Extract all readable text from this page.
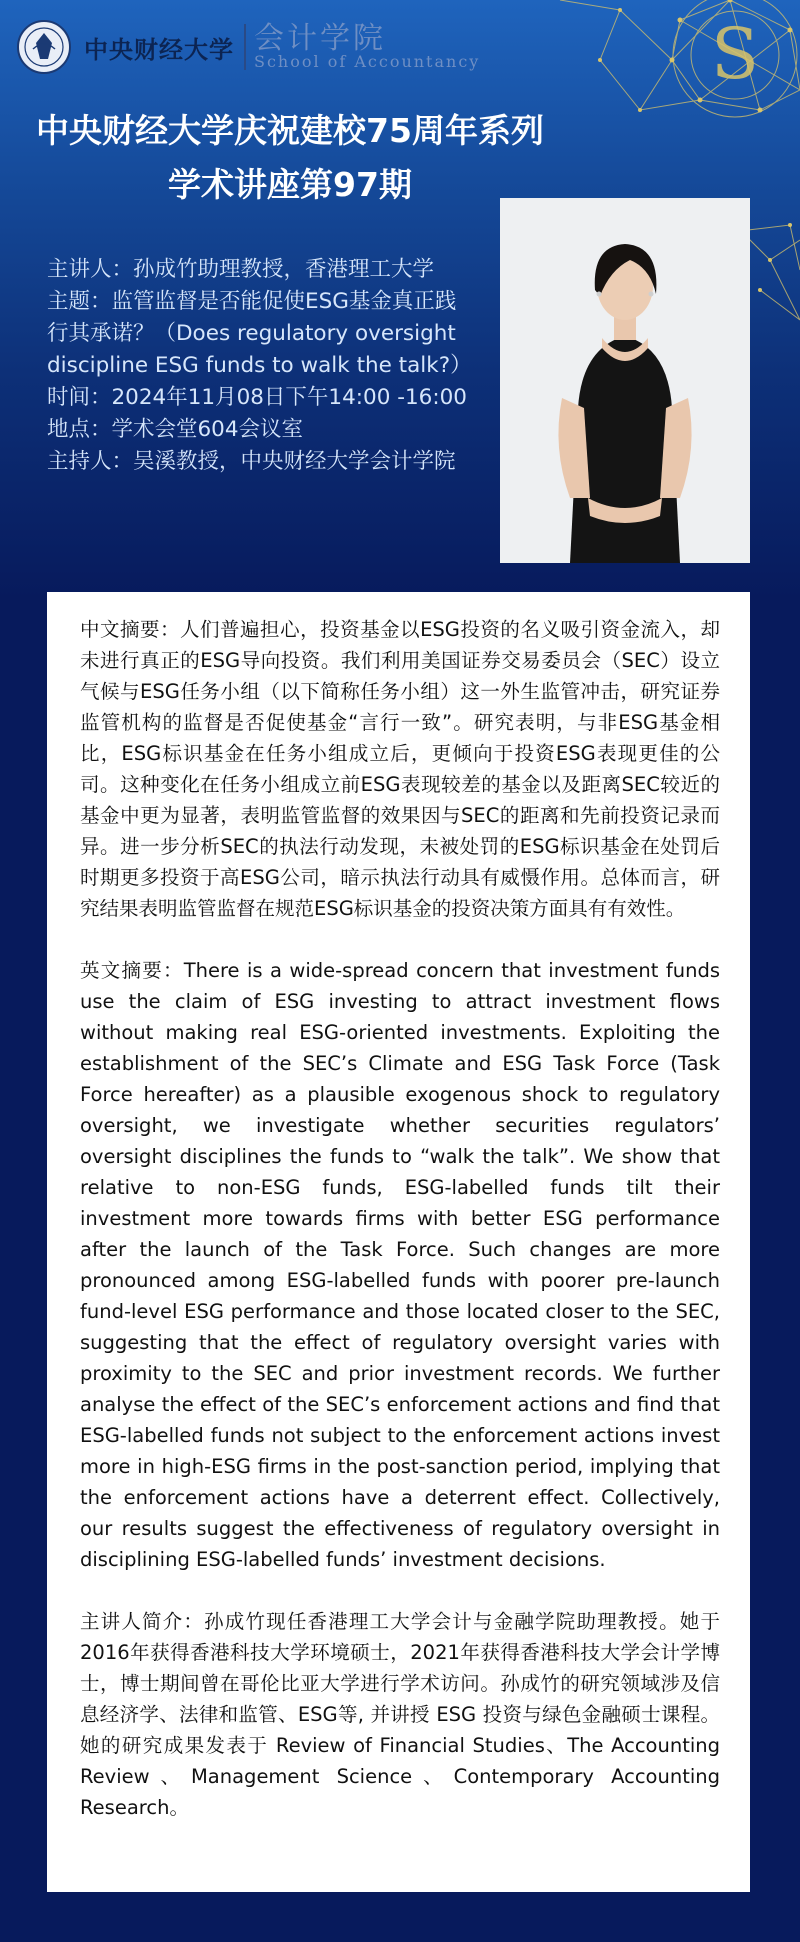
S
中央财经大学 会计学院
School of Accountancy
中央财经大学庆祝建校75周年系列
学术讲座第97期

主讲人：孙成竹助理教授，香港理工大学

主题：监管监督是否能促使ESG基金真正践行其承诺？（Does regulatory oversight discipline ESG funds to walk the talk?）

时间：2024年11月08日下午14:00 -16:00

地点：学术会堂604会议室

主持人：吴溪教授，中央财经大学会计学院

中文摘要：人们普遍担心，投资基金以ESG投资的名义吸引资金流入，却未进行真正的ESG导向投资。我们利用美国证券交易委员会（SEC）设立气候与ESG任务小组（以下简称任务小组）这一外生监管冲击，研究证券监管机构的监督是否促使基金“言行一致”。研究表明，与非ESG基金相比，ESG标识基金在任务小组成立后，更倾向于投资ESG表现更佳的公司。这种变化在任务小组成立前ESG表现较差的基金以及距离SEC较近的基金中更为显著，表明监管监督的效果因与SEC的距离和先前投资记录而异。进一步分析SEC的执法行动发现，未被处罚的ESG标识基金在处罚后时期更多投资于高ESG公司，暗示执法行动具有威慑作用。总体而言，研究结果表明监管监督在规范ESG标识基金的投资决策方面具有有效性。

英文摘要：There is a wide-spread concern that investment funds use the claim of ESG investing to attract investment flows without making real ESG-oriented investments. Exploiting the establishment of the SEC’s Climate and ESG Task Force (Task Force hereafter) as a plausible exogenous shock to regulatory oversight, we investigate whether securities regulators’ oversight disciplines the funds to “walk the talk”. We show that relative to non-ESG funds, ESG-labelled funds tilt their investment more towards firms with better ESG performance after the launch of the Task Force. Such changes are more pronounced among ESG-labelled funds with poorer pre-launch fund-level ESG performance and those located closer to the SEC, suggesting that the effect of regulatory oversight varies with proximity to the SEC and prior investment records. We further analyse the effect of the SEC’s enforcement actions and find that ESG-labelled funds not subject to the enforcement actions invest more in high-ESG firms in the post-sanction period, implying that the enforcement actions have a deterrent effect. Collectively, our results suggest the effectiveness of regulatory oversight in disciplining ESG-labelled funds’ investment decisions.

主讲人简介：孙成竹现任香港理工大学会计与金融学院助理教授。她于2016年获得香港科技大学环境硕士，2021年获得香港科技大学会计学博士，博士期间曾在哥伦比亚大学进行学术访问。孙成竹的研究领域涉及信息经济学、法律和监管、ESG等, 并讲授 ESG 投资与绿色金融硕士课程。她的研究成果发表于 Review of Financial Studies、The Accounting Review、Management Science、Contemporary Accounting Research。
